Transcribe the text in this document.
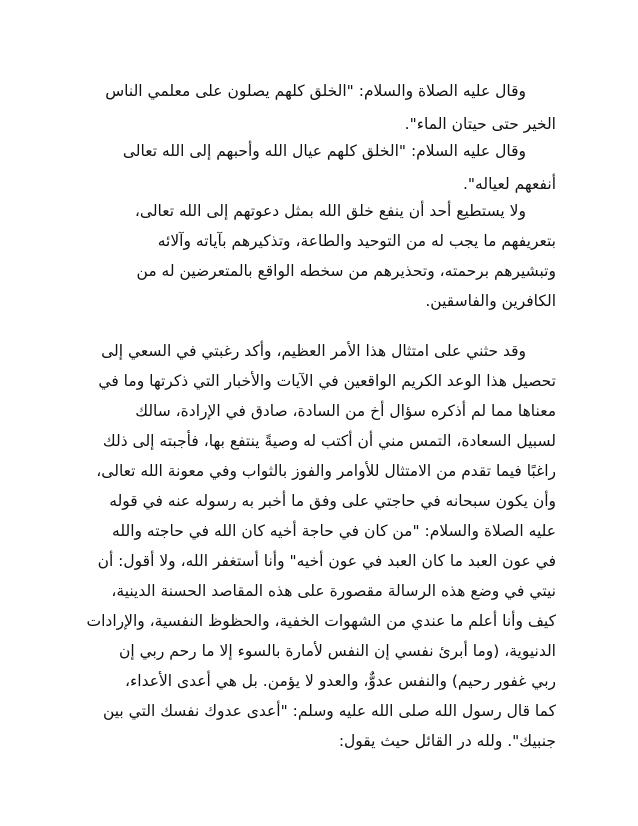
وقال عليه الصلاة والسلام: "الخلق كلهم يصلون على معلمي الناس

الخير حتى حيتان الماء".

وقال عليه السلام: "الخلق كلهم عيال الله وأحبهم إلى الله تعالى

أنفعهم لعياله".

ولا يستطيع أحد أن ينفع خلق الله بمثل دعوتهم إلى الله تعالى،

بتعريفهم ما يجب له من التوحيد والطاعة، وتذكيرهم بآياته وآلائه

وتبشيرهم برحمته، وتحذيرهم من سخطه الواقع بالمتعرضين له من

الكافرين والفاسقين.

وقد حثني على امتثال هذا الأمر العظيم، وأكد رغبتي في السعي إلى

تحصيل هذا الوعد الكريم الواقعين في الآيات والأخبار التي ذكرتها وما في

معناها مما لم أذكره سؤال أخ من السادة، صادق في الإرادة، سالك

لسبيل السعادة، التمس مني أن أكتب له وصيةً ينتفع بها، فأجبته إلى ذلك

راغبًا فيما تقدم من الامتثال للأوامر والفوز بالثواب وفي معونة الله تعالى،

وأن يكون سبحانه في حاجتي على وفق ما أخبر به رسوله عنه في قوله

عليه الصلاة والسلام: "من كان في حاجة أخيه كان الله في حاجته والله

في عون العبد ما كان العبد في عون أخيه" وأنا أستغفر الله، ولا أقول: أن

نيتي في وضع هذه الرسالة مقصورة على هذه المقاصد الحسنة الدينية،

كيف وأنا أعلم ما عندي من الشهوات الخفية، والحظوظ النفسية، والإرادات

الدنيوية، (وما أبرئ نفسي إن النفس لأمارة بالسوء إلا ما رحم ربي إن

ربي غفور رحيم) والنفس عدوٌّ، والعدو لا يؤمن. بل هي أعدى الأعداء،

كما قال رسول الله صلى الله عليه وسلم: "أعدى عدوك نفسك التي بين

جنبيك". ولله در القائل حيث يقول:
